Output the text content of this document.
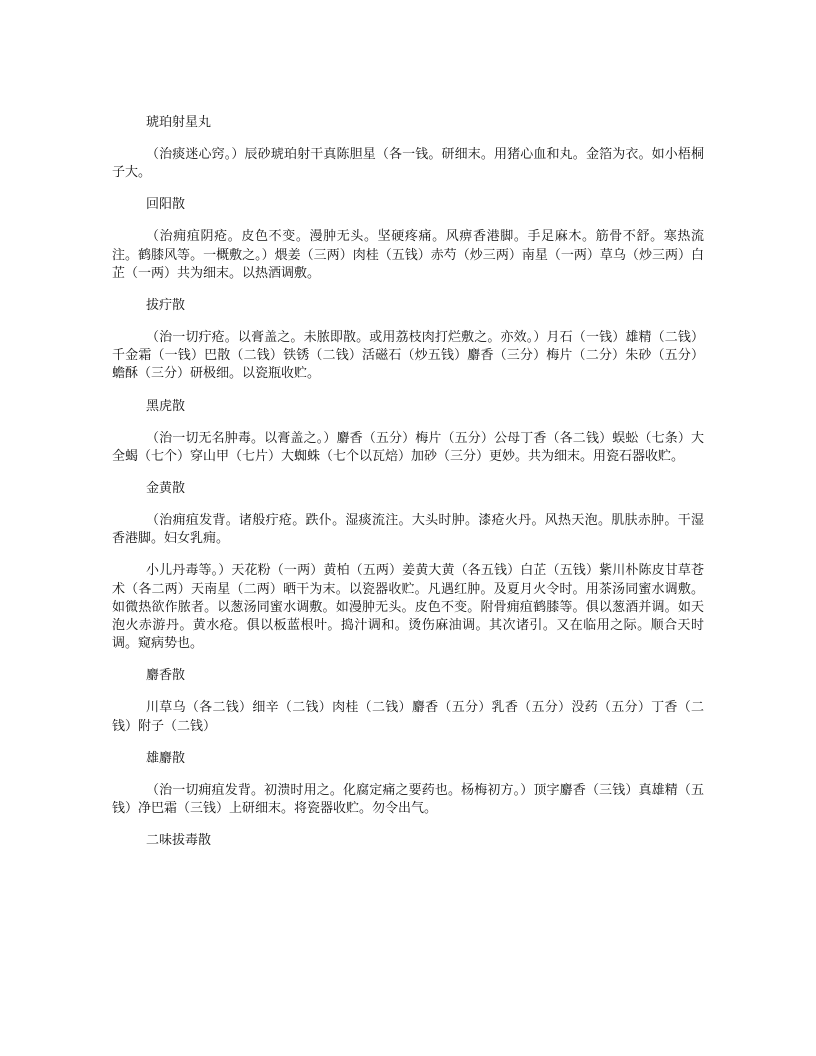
琥珀射星丸

（治痰迷心窍。）辰砂琥珀射干真陈胆星（各一钱。研细末。用猪心血和丸。金箔为衣。如小梧桐子大。

回阳散

（治痈疽阴疮。皮色不变。漫肿无头。坚硬疼痛。风痹香港脚。手足麻木。筋骨不舒。寒热流注。鹤膝风等。一概敷之。）煨姜（三两）肉桂（五钱）赤芍（炒三两）南星（一两）草乌（炒三两）白芷（一两）共为细末。以热酒调敷。

拔疔散

（治一切疔疮。以膏盖之。未脓即散。或用荔枝肉打烂敷之。亦效。）月石（一钱）雄精（二钱）千金霜（一钱）巴散（二钱）铁锈（二钱）活磁石（炒五钱）麝香（三分）梅片（二分）朱砂（五分）蟾酥（三分）研极细。以瓷瓶收贮。

黑虎散

（治一切无名肿毒。以膏盖之。）麝香（五分）梅片（五分）公母丁香（各二钱）蜈蚣（七条）大全蝎（七个）穿山甲（七片）大蜘蛛（七个以瓦焙）加砂（三分）更妙。共为细末。用瓷石器收贮。

金黄散

（治痈疽发背。诸般疔疮。跌仆。湿痰流注。大头时肿。漆疮火丹。风热天泡。肌肤赤肿。干湿香港脚。妇女乳痈。

小儿丹毒等。）天花粉（一两）黄柏（五两）姜黄大黄（各五钱）白芷（五钱）紫川朴陈皮甘草苍术（各二两）天南星（二两）晒干为末。以瓷器收贮。凡遇红肿。及夏月火令时。用茶汤同蜜水调敷。如微热欲作脓者。以葱汤同蜜水调敷。如漫肿无头。皮色不变。附骨痈疽鹤膝等。俱以葱酒并调。如天泡火赤游丹。黄水疮。俱以板蓝根叶。捣汁调和。烫伤麻油调。其次诸引。又在临用之际。顺合天时调。窥病势也。

麝香散

川草乌（各二钱）细辛（二钱）肉桂（二钱）麝香（五分）乳香（五分）没药（五分）丁香（二钱）附子（二钱）

雄麝散

（治一切痈疽发背。初溃时用之。化腐定痛之要药也。杨梅初方。）顶字麝香（三钱）真雄精（五钱）净巴霜（三钱）上研细末。将瓷器收贮。勿令出气。

二味拔毒散
